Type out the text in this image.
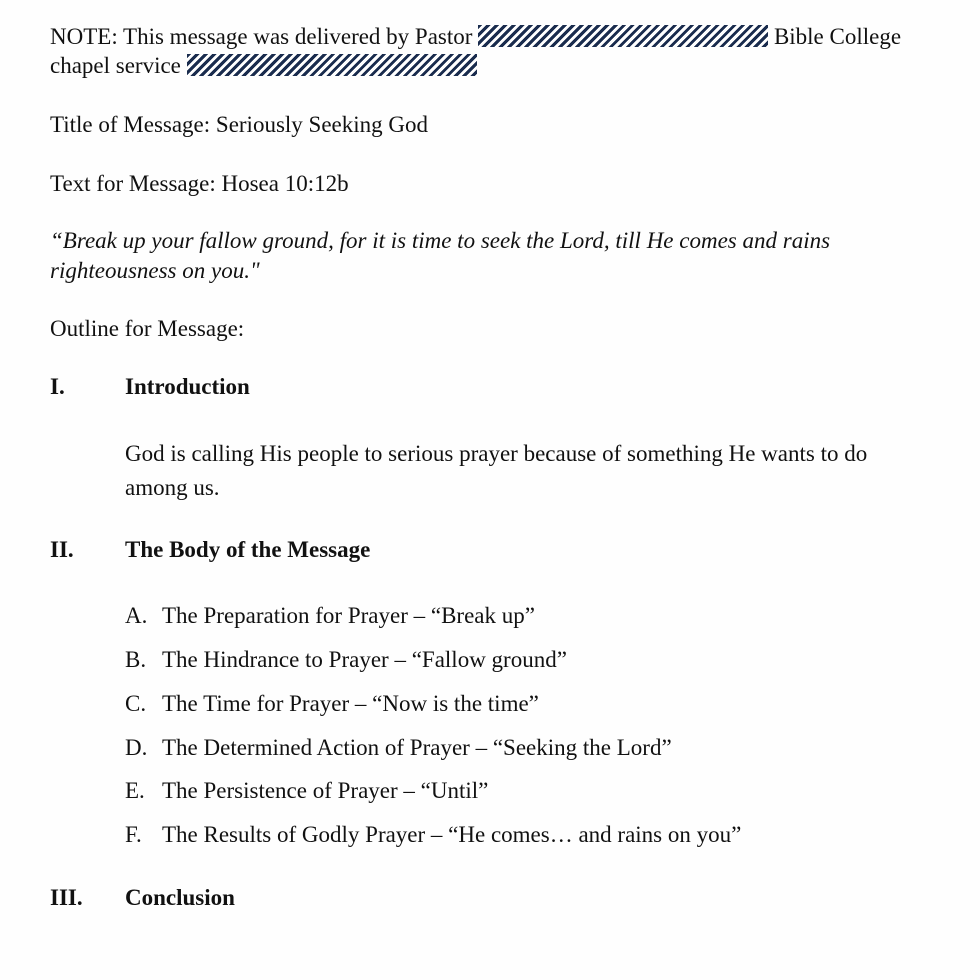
NOTE: This message was delivered by Pastor	Bible College
chapel service
Title of Message: Seriously Seeking God
Text for Message: Hosea 10:12b
“Break up your fallow ground, for it is time to seek the Lord, till He comes and rains
righteousness on you."
Outline for Message:
I.	Introduction
God is calling His people to serious prayer because of something He wants to do
among us.
II. The Body of the Message
A. The Preparation for Prayer – “Break up”
B. The Hindrance to Prayer – “Fallow ground”
C. The Time for Prayer – “Now is the time”
D. The Determined Action of Prayer – “Seeking the Lord”
E. The Persistence of Prayer – “Until”
F. The Results of Godly Prayer – “He comes… and rains on you”
III. Conclusion
